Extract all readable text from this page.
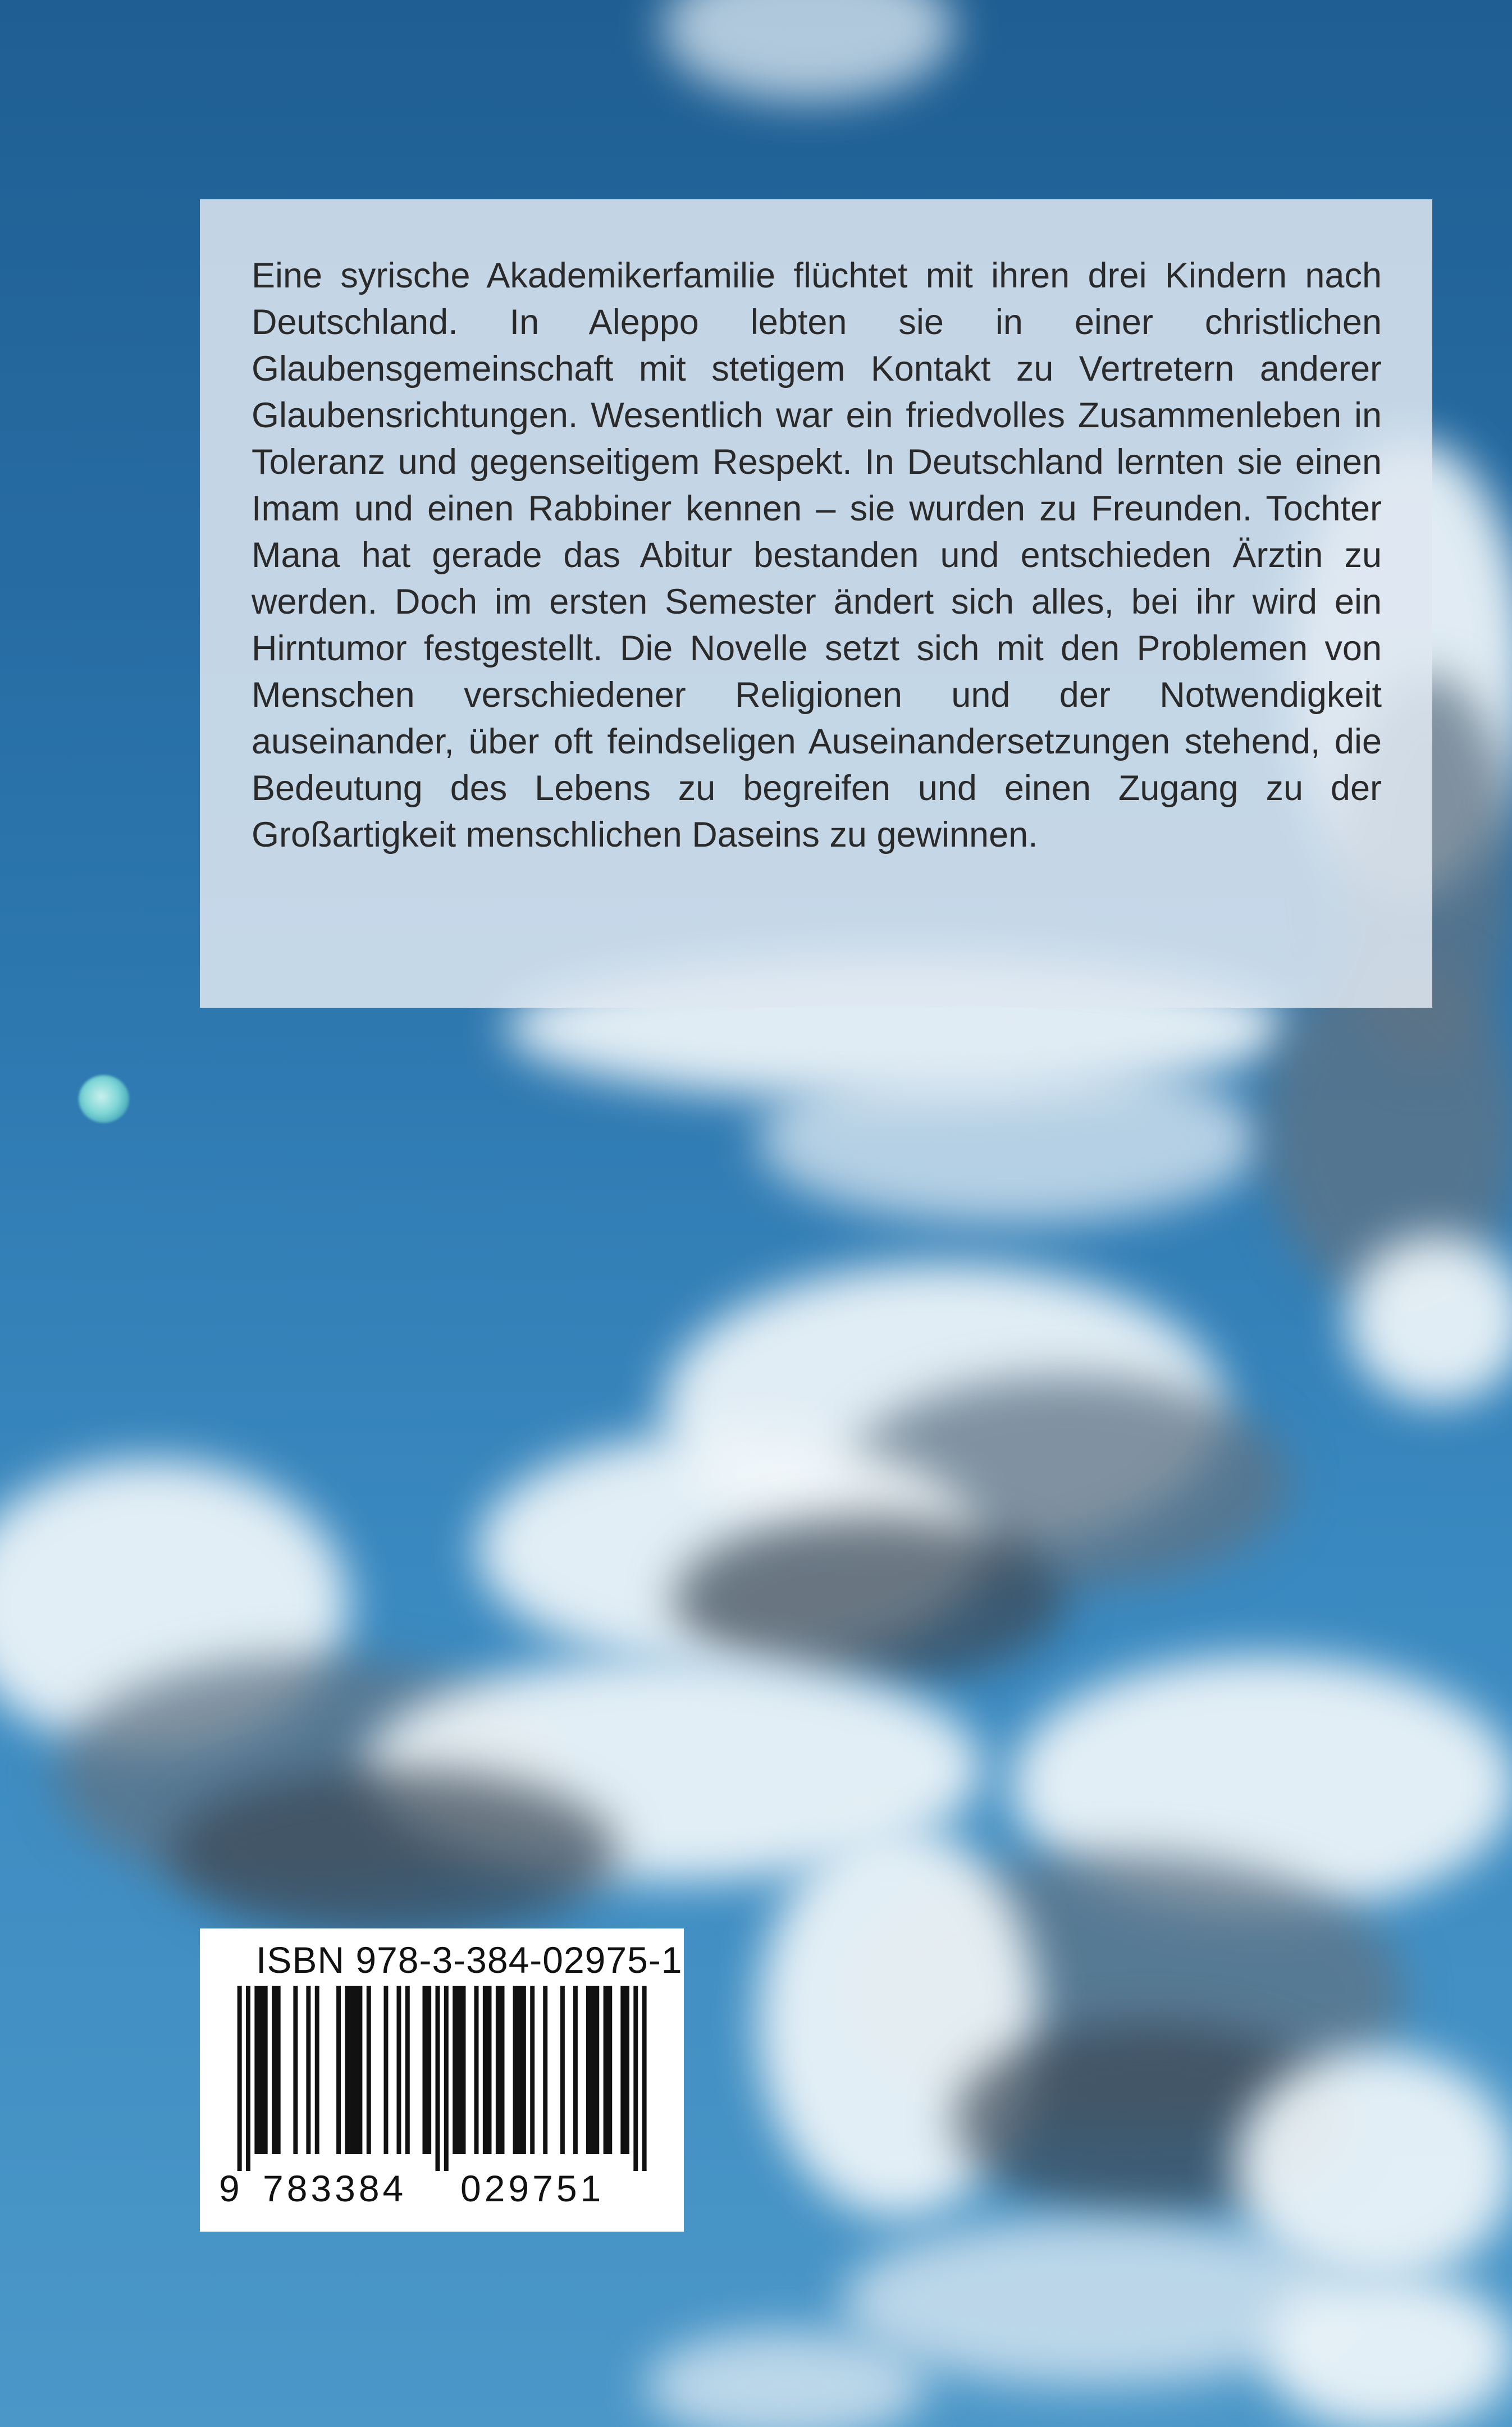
Eine syrische Akademikerfamilie flüchtet mit ihren drei Kindern nach Deutschland. In Aleppo lebten sie in einer christlichen Glaubensgemeinschaft mit stetigem Kontakt zu Vertretern anderer Glaubensrichtungen. Wesentlich war ein friedvolles Zusammenleben in Toleranz und gegenseitigem Respekt. In Deutschland lernten sie einen Imam und einen Rabbiner kennen – sie wurden zu Freunden. Tochter Mana hat gerade das Abitur bestanden und entschieden Ärztin zu werden. Doch im ersten Semester ändert sich alles, bei ihr wird ein Hirntumor festgestellt. Die Novelle setzt sich mit den Problemen von Menschen verschiedener Religionen und der Notwendigkeit auseinander, über oft feindseligen Auseinandersetzungen stehend, die Bedeutung des Lebens zu begreifen und einen Zugang zu der Großartigkeit menschlichen Daseins zu gewinnen.

ISBN 978-3-384-02975-1
9 783384 029751
